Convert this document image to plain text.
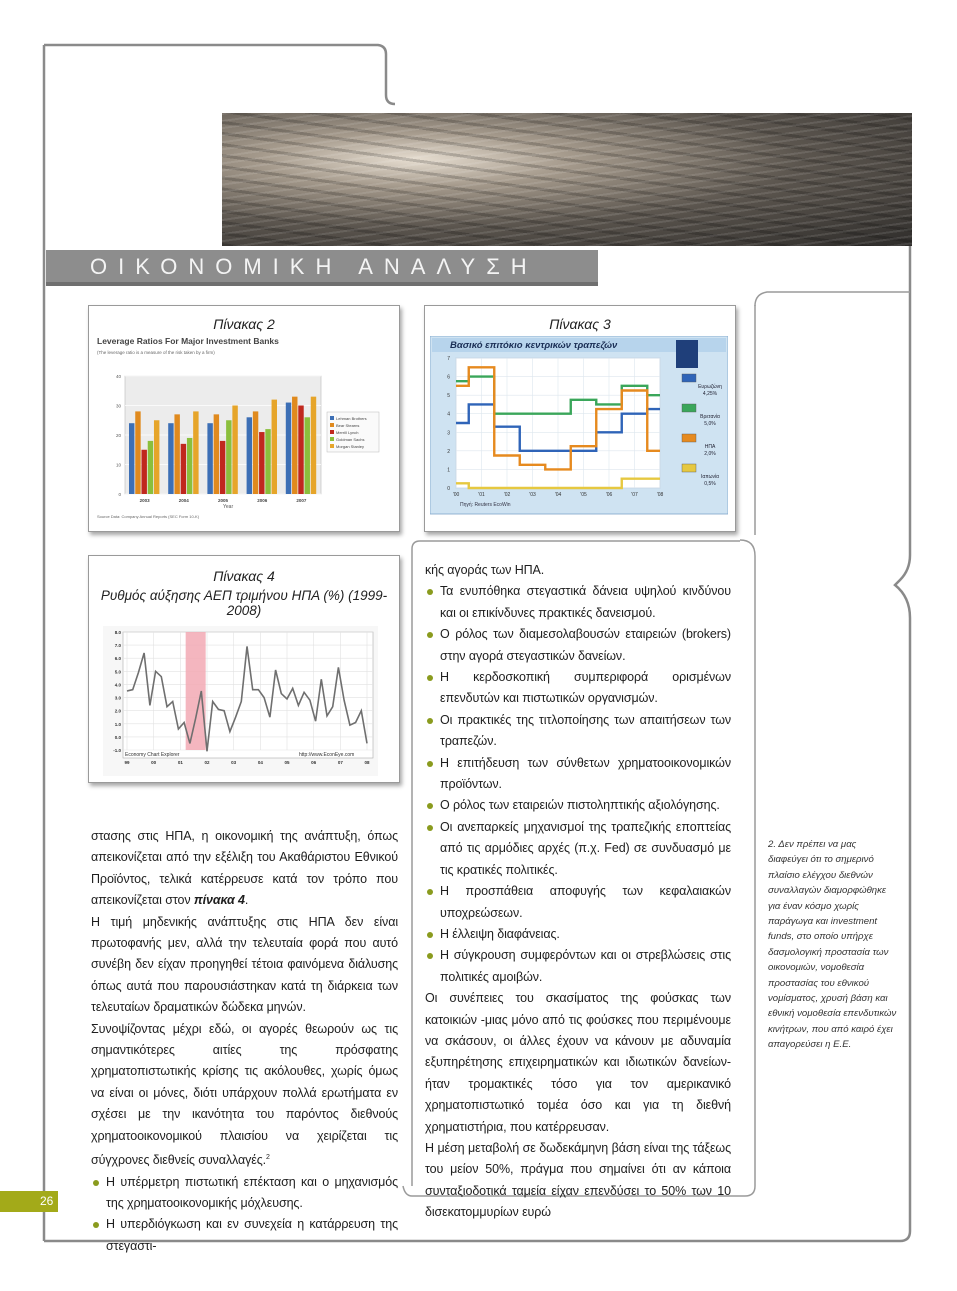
ΟΙΚΟΝΟΜΙΚΗ ΑΝΑΛΥΣΗ
Πίνακας 2
Leverage Ratios For Major Investment Banks
(The leverage ratio is a measure of the risk taken by a firm)
0
10
20
30
40
2003	2004	2005	2006	2007
Lehman Brothers
Bear Stearns
Merrill Lynch
Goldman Sachs
Morgan Stanley
Year
Source Data: Company Annual Reports (SEC Form 10-K)
Πίνακας 3
Βασικό επιτόκιο κεντρικών τραπεζών
7
6
5
4
3
2
1
0
'00	'01	'02	'03	'04	'05	'06	'07	'08
Ευρωζώνη
4,25%
Βρετανία
5,0%
ΗΠΑ
2,0%
Ιαπωνία
0,5%
Πηγή: Reuters EcoWin
Πίνακας 4
Ρυθμός αύξησης ΑΕΠ τριμήνου ΗΠΑ (%) (1999-2008)
8.0
7.0
6.0
5.0
4.0
3.0
2.0
1.0
0.0
-1.0
99	00	01	02	03	04	05	06	07	08
Economy Chart Explorer	http://www.EconEye.com

στασης στις ΗΠΑ, η οικονομική της ανάπτυξη, όπως απεικονίζεται από την εξέλιξη του Ακαθάριστου Εθνικού Προϊόντος, τελικά κατέρρευσε κατά τον τρόπο που απεικονίζεται στον πίνακα 4.

Η τιμή μηδενικής ανάπτυξης στις ΗΠΑ δεν είναι πρωτοφανής μεν, αλλά την τελευταία φορά που αυτό συνέβη δεν είχαν προηγηθεί τέτοια φαινόμενα διάλυσης όπως αυτά που παρουσιάστηκαν κατά τη διάρκεια των τελευταίων δραματικών δώδεκα μηνών.

Συνοψίζοντας μέχρι εδώ, οι αγορές θεωρούν ως τις σημαντικότερες αιτίες της πρόσφατης χρηματοπιστωτικής κρίσης τις ακόλουθες, χωρίς όμως να είναι οι μόνες, διότι υπάρχουν πολλά ερωτήματα εν σχέσει με την ικανότητα του παρόντος διεθνούς χρηματοοικονομικού πλαισίου να χειρίζεται τις σύγχρονες διεθνείς συναλλαγές.$^2$

Η υπέρμετρη πιστωτική επέκταση και ο μηχανισμός της χρηματοοικονομικής μόχλευσης.
Η υπερδιόγκωση και εν συνεχεία η κατάρρευση της στεγαστι-

κής αγοράς των ΗΠΑ.

Τα ενυπόθηκα στεγαστικά δάνεια υψηλού κινδύνου και οι επικίνδυνες πρακτικές δανεισμού.
Ο ρόλος των διαμεσολαβουσών εταιρειών (brokers) στην αγορά στεγαστικών δανείων.
Η κερδοσκοπική συμπεριφορά ορισμένων επενδυτών και πιστωτικών οργανισμών.
Οι πρακτικές της τιτλοποίησης των απαιτήσεων των τραπεζών.
Η επιτήδευση των σύνθετων χρηματοοικονομικών προϊόντων.
Ο ρόλος των εταιρειών πιστοληπτικής αξιολόγησης.
Οι ανεπαρκείς μηχανισμοί της τραπεζικής εποπτείας από τις αρμόδιες αρχές (π.χ. Fed) σε συνδυασμό με τις κρατικές πολιτικές.
Η προσπάθεια αποφυγής των κεφαλαιακών υποχρεώσεων.
Η έλλειψη διαφάνειας.
Η σύγκρουση συμφερόντων και οι στρεβλώσεις στις πολιτικές αμοιβών.

Οι συνέπειες του σκασίματος της φούσκας των κατοικιών -μιας μόνο από τις φούσκες που περιμένουμε να σκάσουν, οι άλλες έχουν να κάνουν με αδυναμία εξυπηρέτησης επιχειρηματικών και ιδιωτικών δανείων- ήταν τρομακτικές τόσο για τον αμερικανικό χρηματοπιστωτικό τομέα όσο και για τη διεθνή χρηματιστήρια, που κατέρρευσαν.

Η μέση μεταβολή σε δωδεκάμηνη βάση είναι της τάξεως του μείον 50%, πράγμα που σημαίνει ότι αν κάποια συνταξιοδοτικά ταμεία είχαν επενδύσει το 50% των 10 δισεκατομμυρίων ευρώ

2. Δεν πρέπει να μας διαφεύγει ότι το σημερινό πλαίσιο ελέγχου διεθνών συναλλαγών διαμορφώθηκε για έναν κόσμο χωρίς παράγωγα και investment funds, στο οποίο υπήρχε δασμολογική προστασία των οικονομιών, νομοθεσία προστασίας του εθνικού νομίσματος, χρυσή βάση και εθνική νομοθεσία επενδυτικών κινήτρων, που από καιρό έχει απαγορεύσει η Ε.Ε.
26
